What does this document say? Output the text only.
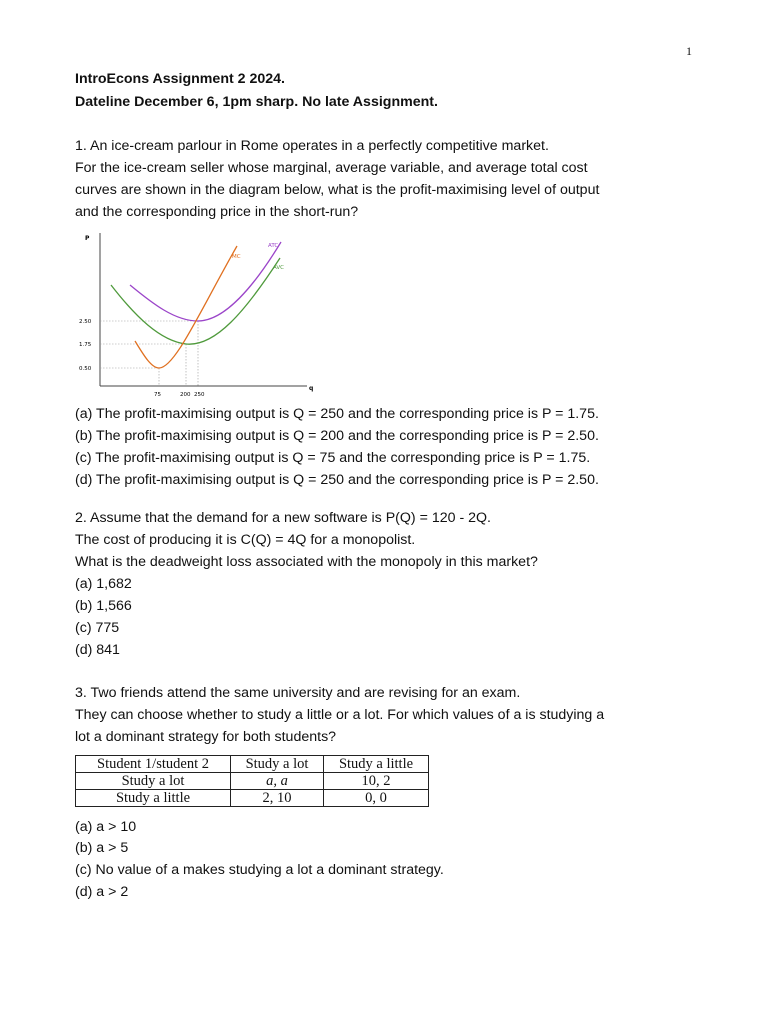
1
IntroEcons Assignment 2 2024.
Dateline December 6, 1pm sharp. No late Assignment.
1. An ice-cream parlour in Rome operates in a perfectly competitive market.
For the ice-cream seller whose marginal, average variable, and average total cost
curves are shown in the diagram below, what is the profit-maximising level of output
and the corresponding price in the short-run?
P
q
2.50
1.75
0.50
75	200 250
MC
ATC
AVC
(a) The profit-maximising output is Q = 250 and the corresponding price is P = 1.75.
(b) The profit-maximising output is Q = 200 and the corresponding price is P = 2.50.
(c) The profit-maximising output is Q = 75 and the corresponding price is P = 1.75.
(d) The profit-maximising output is Q = 250 and the corresponding price is P = 2.50.
2. Assume that the demand for a new software is P(Q) = 120 - 2Q.
The cost of producing it is C(Q) = 4Q for a monopolist.
What is the deadweight loss associated with the monopoly in this market?
(a) 1,682
(b) 1,566
(c) 775
(d) 841
3. Two friends attend the same university and are revising for an exam.
They can choose whether to study a little or a lot. For which values of a is studying a
lot a dominant strategy for both students?
Student 1/student 2	Study a lot	Study a little
Study a lot	a, a	10, 2
Study a little	2, 10	0, 0
(a) a > 10
(b) a > 5
(c) No value of a makes studying a lot a dominant strategy.
(d) a > 2
